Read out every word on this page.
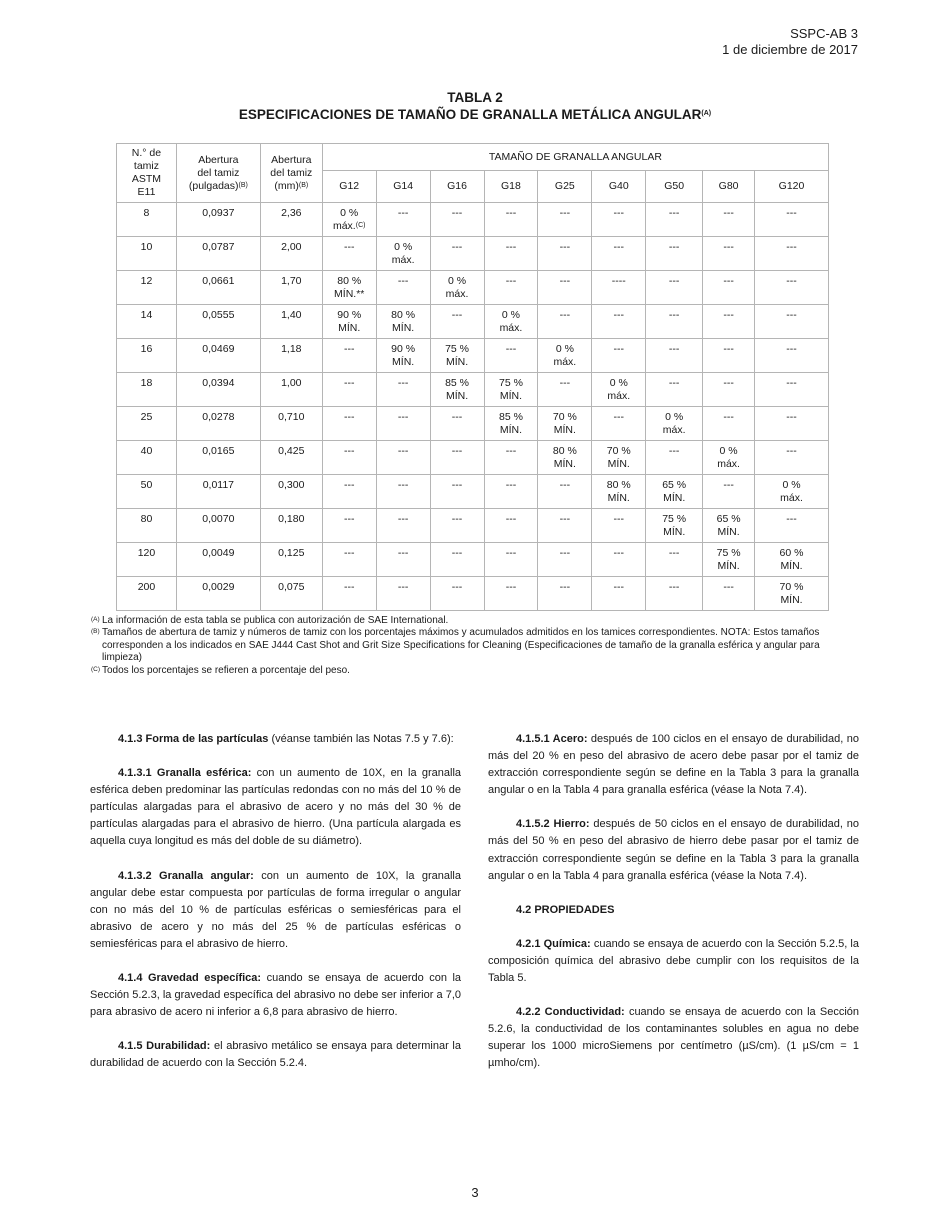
SSPC-AB 3
1 de diciembre de 2017
TABLA 2
ESPECIFICACIONES DE TAMAÑO DE GRANALLA METÁLICA $ANGULAR^{(A)}$
N.° de
tamiz
ASTM
E11	Abertura
del tamiz
(pulgadas)$^{(B)}$	Abertura
del tamiz
(mm)$^{(B)}$	TAMAÑO DE GRANALLA ANGULAR								
			G12	G14	G16	G18	G25	G40	G50	G80	G120
8	0,0937	2,36	0 %
máx.$^{(C)}$	---	---	---	---	---	---	---	---
10	0,0787	2,00	---	0 %
máx.	---	---	---	---	---	---	---
12	0,0661	1,70	80 %
MÍN.**	---	0 %
máx.	---	---	----	---	---	---
14	0,0555	1,40	90 %
MÍN.	80 %
MÍN.	---	0 %
máx.	---	---	---	---	---
16	0,0469	1,18	---	90 %
MÍN.	75 %
MÍN.	---	0 %
máx.	---	---	---	---
18	0,0394	1,00	---	---	85 %
MÍN.	75 %
MÍN.	---	0 %
máx.	---	---	---
25	0,0278	0,710	---	---	---	85 %
MÍN.	70 %
MÍN.	---	0 %
máx.	---	---
40	0,0165	0,425	---	---	---	---	80 %
MÍN.	70 %
MÍN.	---	0 %
máx.	---
50	0,0117	0,300	---	---	---	---	---	80 %
MÍN.	65 %
MÍN.	---	0 %
máx.
80	0,0070	0,180	---	---	---	---	---	---	75 %
MÍN.	65 %
MÍN.	---
120	0,0049	0,125	---	---	---	---	---	---	---	75 %
MÍN.	60 %
MÍN.
200	0,0029	0,075	---	---	---	---	---	---	---	---	70 %
MÍN.
(A) La información de esta tabla se publica con autorización de SAE International.
(B) Tamaños de abertura de tamiz y números de tamiz con los porcentajes máximos y acumulados admitidos en los tamices correspondientes. NOTA: Estos tamaños corresponden a los indicados en SAE J444 Cast Shot and Grit Size Specifications for Cleaning (Especificaciones de tamaño de la granalla esférica y angular para limpieza)
(C) Todos los porcentajes se refieren a porcentaje del peso.

4.1.3 Forma de las partículas (véanse también las Notas 7.5 y 7.6):

4.1.3.1 Granalla esférica: con un aumento de 10X, en la granalla esférica deben predominar las partículas redondas con no más del 10 % de partículas alargadas para el abrasivo de acero y no más del 30 % de partículas alargadas para el abrasivo de hierro. (Una partícula alargada es aquella cuya longitud es más del doble de su diámetro).

4.1.3.2 Granalla angular: con un aumento de 10X, la granalla angular debe estar compuesta por partículas de forma irregular o angular con no más del 10 % de partículas esféricas o semiesféricas para el abrasivo de acero y no más del 25 % de partículas esféricas o semiesféricas para el abrasivo de hierro.

4.1.4 Gravedad específica: cuando se ensaya de acuerdo con la Sección 5.2.3, la gravedad específica del abrasivo no debe ser inferior a 7,0 para abrasivo de acero ni inferior a 6,8 para abrasivo de hierro.

4.1.5 Durabilidad: el abrasivo metálico se ensaya para determinar la durabilidad de acuerdo con la Sección 5.2.4.

4.1.5.1 Acero: después de 100 ciclos en el ensayo de durabilidad, no más del 20 % en peso del abrasivo de acero debe pasar por el tamiz de extracción correspondiente según se define en la Tabla 3 para la granalla angular o en la Tabla 4 para granalla esférica (véase la Nota 7.4).

4.1.5.2 Hierro: después de 50 ciclos en el ensayo de durabilidad, no más del 50 % en peso del abrasivo de hierro debe pasar por el tamiz de extracción correspondiente según se define en la Tabla 3 para la granalla angular o en la Tabla 4 para granalla esférica (véase la Nota 7.4).

4.2 PROPIEDADES

4.2.1 Química: cuando se ensaya de acuerdo con la Sección 5.2.5, la composición química del abrasivo debe cumplir con los requisitos de la Tabla 5.

4.2.2 Conductividad: cuando se ensaya de acuerdo con la Sección 5.2.6, la conductividad de los contaminantes solubles en agua no debe superar los 1000 microSiemens por centímetro (µS/cm). (1 µS/cm = 1 µmho/cm).

3
